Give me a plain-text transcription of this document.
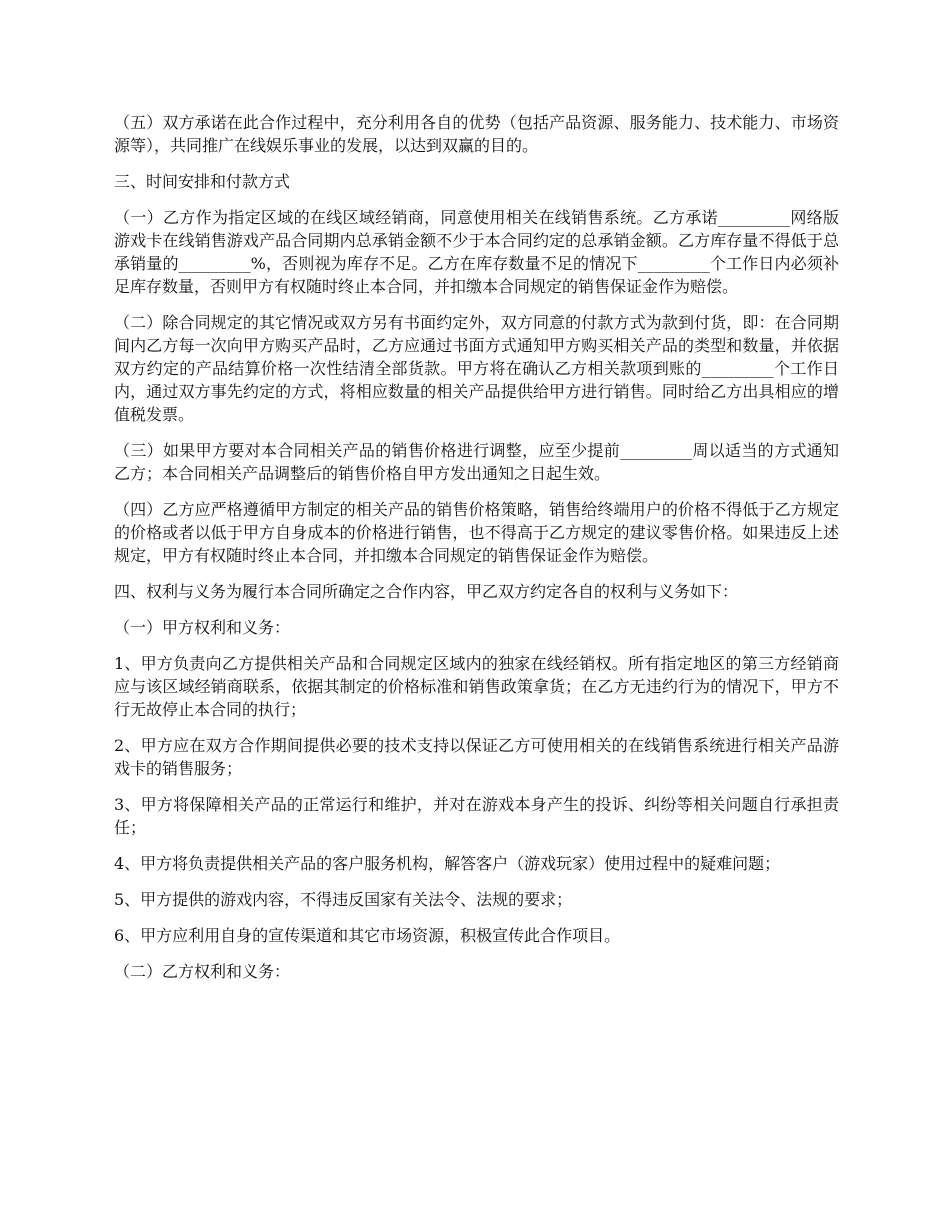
（五）双方承诺在此合作过程中，充分利用各自的优势（包括产品资源、服务能力、技术能力、市场资源等），共同推广在线娱乐事业的发展，以达到双赢的目的。

三、时间安排和付款方式

（一）乙方作为指定区域的在线区域经销商，同意使用相关在线销售系统。乙方承诺_________网络版游戏卡在线销售游戏产品合同期内总承销金额不少于本合同约定的总承销金额。乙方库存量不得低于总承销量的_________%，否则视为库存不足。乙方在库存数量不足的情况下_________个工作日内必须补足库存数量，否则甲方有权随时终止本合同，并扣缴本合同规定的销售保证金作为赔偿。

（二）除合同规定的其它情况或双方另有书面约定外，双方同意的付款方式为款到付货，即：在合同期间内乙方每一次向甲方购买产品时，乙方应通过书面方式通知甲方购买相关产品的类型和数量，并依据双方约定的产品结算价格一次性结清全部货款。甲方将在确认乙方相关款项到账的_________个工作日内，通过双方事先约定的方式，将相应数量的相关产品提供给甲方进行销售。同时给乙方出具相应的增值税发票。

（三）如果甲方要对本合同相关产品的销售价格进行调整，应至少提前_________周以适当的方式通知乙方；本合同相关产品调整后的销售价格自甲方发出通知之日起生效。

（四）乙方应严格遵循甲方制定的相关产品的销售价格策略，销售给终端用户的价格不得低于乙方规定的价格或者以低于甲方自身成本的价格进行销售，也不得高于乙方规定的建议零售价格。如果违反上述规定，甲方有权随时终止本合同，并扣缴本合同规定的销售保证金作为赔偿。

四、权利与义务为履行本合同所确定之合作内容，甲乙双方约定各自的权利与义务如下：

（一）甲方权利和义务：

1、甲方负责向乙方提供相关产品和合同规定区域内的独家在线经销权。所有指定地区的第三方经销商应与该区域经销商联系，依据其制定的价格标准和销售政策拿货；在乙方无违约行为的情况下，甲方不行无故停止本合同的执行；

2、甲方应在双方合作期间提供必要的技术支持以保证乙方可使用相关的在线销售系统进行相关产品游戏卡的销售服务；

3、甲方将保障相关产品的正常运行和维护，并对在游戏本身产生的投诉、纠纷等相关问题自行承担责任；

4、甲方将负责提供相关产品的客户服务机构，解答客户（游戏玩家）使用过程中的疑难问题；

5、甲方提供的游戏内容，不得违反国家有关法令、法规的要求；

6、甲方应利用自身的宣传渠道和其它市场资源，积极宣传此合作项目。

（二）乙方权利和义务：
